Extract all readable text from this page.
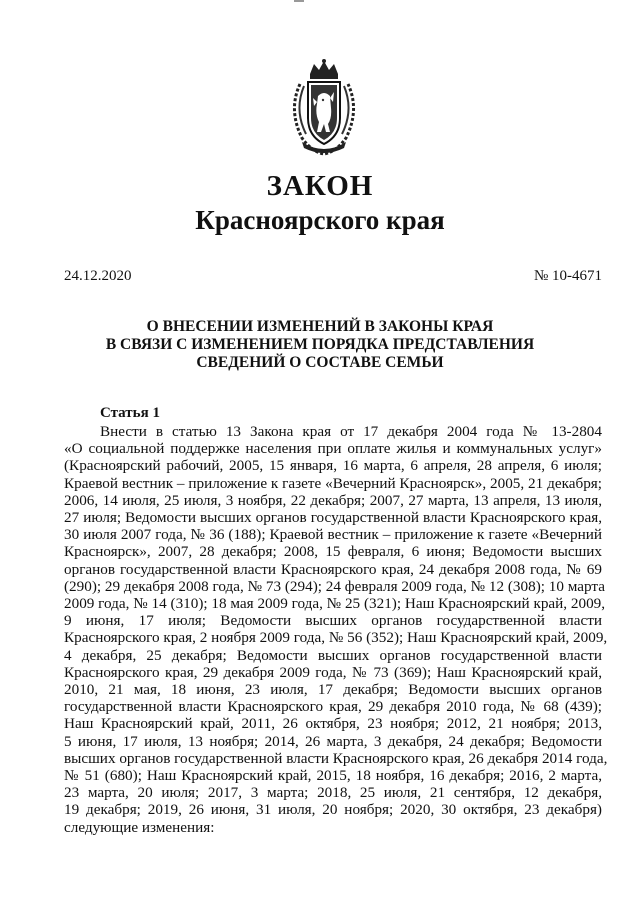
ЗАКОН
Красноярского края
24.12.2020	№ 10-4671
О ВНЕСЕНИИ ИЗМЕНЕНИЙ В ЗАКОНЫ КРАЯ
В СВЯЗИ С ИЗМЕНЕНИЕМ ПОРЯДКА ПРЕДСТАВЛЕНИЯ
СВЕДЕНИЙ О СОСТАВЕ СЕМЬИ
Статья 1
Внести в статью 13 Закона края от 17 декабря 2004 года № 13-2804
«О социальной поддержке населения при оплате жилья и коммунальных услуг»
(Красноярский рабочий, 2005, 15 января, 16 марта, 6 апреля, 28 апреля, 6 июля;
Краевой вестник – приложение к газете «Вечерний Красноярск», 2005, 21 декабря;
2006, 14 июля, 25 июля, 3 ноября, 22 декабря; 2007, 27 марта, 13 апреля, 13 июля,
27 июля; Ведомости высших органов государственной власти Красноярского края,
30 июля 2007 года, № 36 (188); Краевой вестник – приложение к газете «Вечерний
Красноярск», 2007, 28 декабря; 2008, 15 февраля, 6 июня; Ведомости высших
органов государственной власти Красноярского края, 24 декабря 2008 года, № 69
(290); 29 декабря 2008 года, № 73 (294); 24 февраля 2009 года, № 12 (308); 10 марта
2009 года, № 14 (310); 18 мая 2009 года, № 25 (321); Наш Красноярский край, 2009,
9 июня, 17 июля; Ведомости высших органов государственной власти
Красноярского края, 2 ноября 2009 года, № 56 (352); Наш Красноярский край, 2009,
4 декабря, 25 декабря; Ведомости высших органов государственной власти
Красноярского края, 29 декабря 2009 года, № 73 (369); Наш Красноярский край,
2010, 21 мая, 18 июня, 23 июля, 17 декабря; Ведомости высших органов
государственной власти Красноярского края, 29 декабря 2010 года, № 68 (439);
Наш Красноярский край, 2011, 26 октября, 23 ноября; 2012, 21 ноября; 2013,
5 июня, 17 июля, 13 ноября; 2014, 26 марта, 3 декабря, 24 декабря; Ведомости
высших органов государственной власти Красноярского края, 26 декабря 2014 года,
№ 51 (680); Наш Красноярский край, 2015, 18 ноября, 16 декабря; 2016, 2 марта,
23 марта, 20 июля; 2017, 3 марта; 2018, 25 июля, 21 сентября, 12 декабря,
19 декабря; 2019, 26 июня, 31 июля, 20 ноября; 2020, 30 октября, 23 декабря)
следующие изменения:
